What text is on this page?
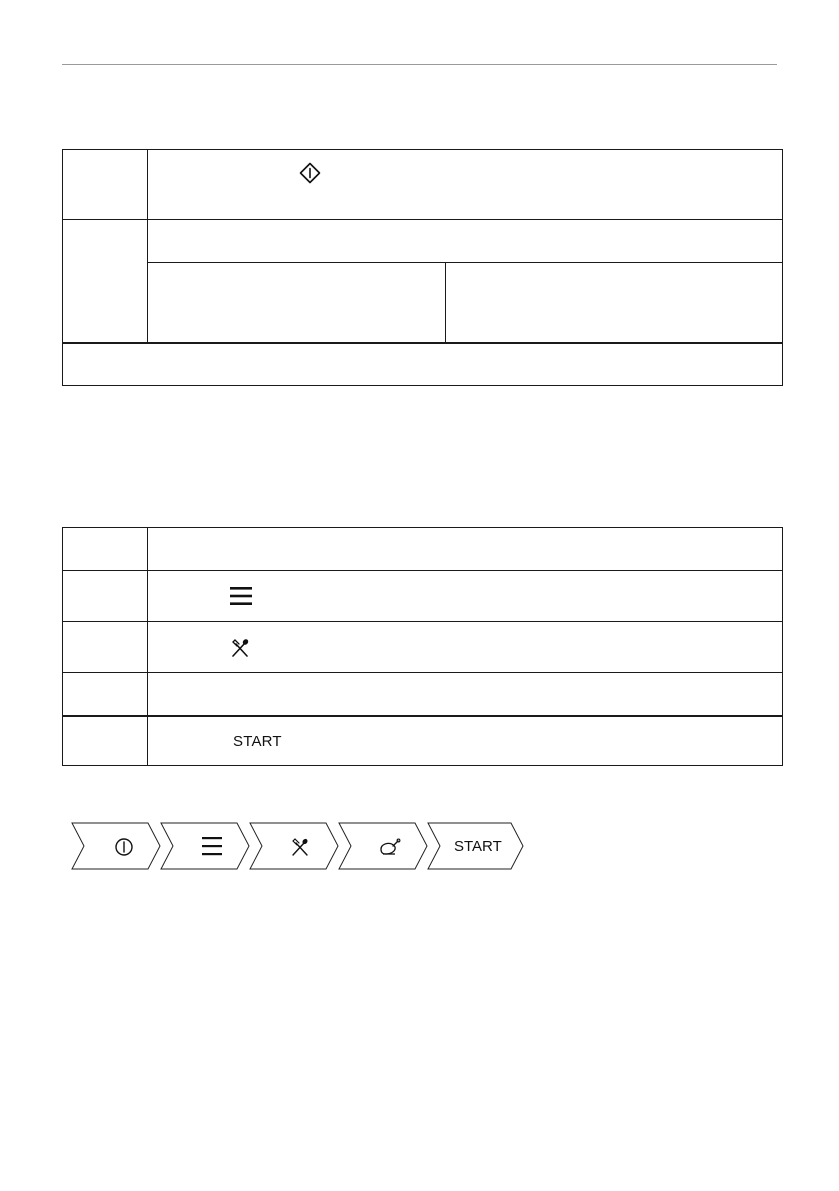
	START
START
